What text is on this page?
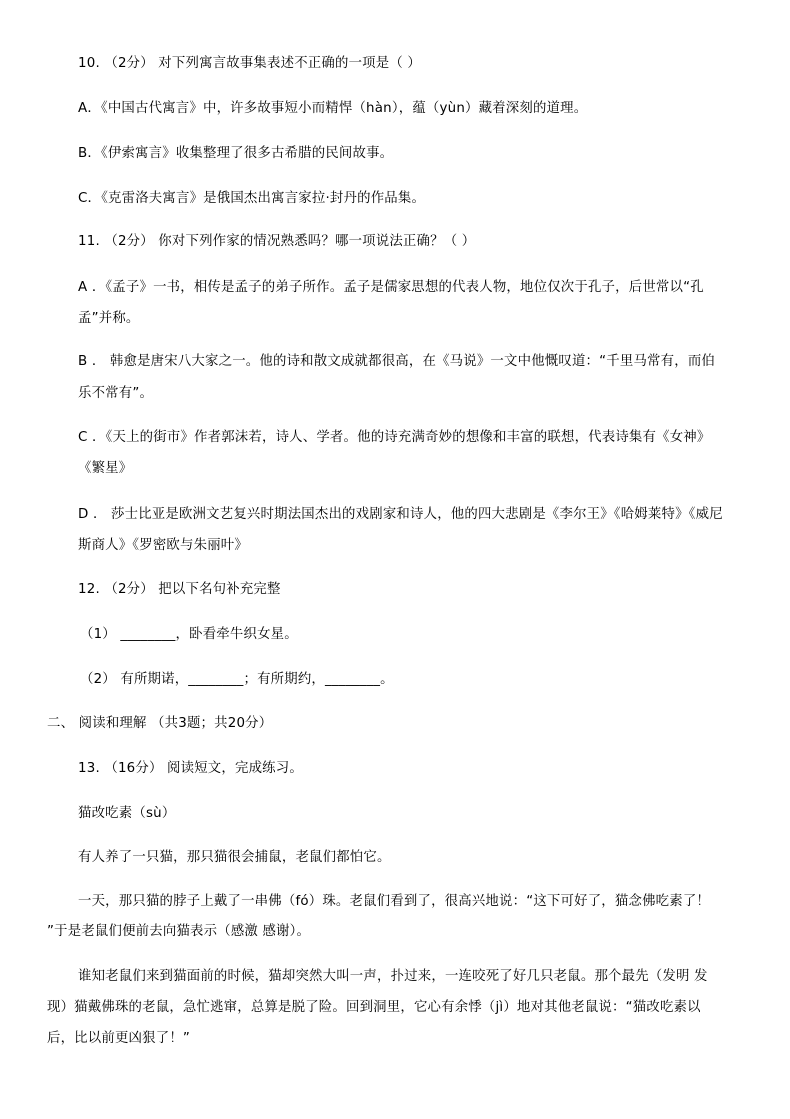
10. （2分） 对下列寓言故事集表述不正确的一项是（ ）
A．《中国古代寓言》中，许多故事短小而精悍（hàn），蕴（yùn）藏着深刻的道理。
B．《伊索寓言》收集整理了很多古希腊的民间故事。
C．《克雷洛夫寓言》是俄国杰出寓言家拉·封丹的作品集。
11. （2分） 你对下列作家的情况熟悉吗？哪一项说法正确？（ ）
A ．《孟子》一书，相传是孟子的弟子所作。孟子是儒家思想的代表人物，地位仅次于孔子，后世常以“孔
孟”并称。
B ． 韩愈是唐宋八大家之一。他的诗和散文成就都很高，在《马说》一文中他慨叹道：“千里马常有，而伯
乐不常有”。
C ．《天上的街市》作者郭沫若，诗人、学者。他的诗充满奇妙的想像和丰富的联想，代表诗集有《女神》
《繁星》
D ． 莎士比亚是欧洲文艺复兴时期法国杰出的戏剧家和诗人，他的四大悲剧是《李尔王》《哈姆莱特》《威尼
斯商人》《罗密欧与朱丽叶》
12. （2分） 把以下名句补充完整
（1） ________，卧看牵牛织女星。
（2） 有所期诺，________；有所期约，________。
二、 阅读和理解 （共3题；共20分）
13. （16分） 阅读短文，完成练习。
猫改吃素（sù）
有人养了一只猫，那只猫很会捕鼠，老鼠们都怕它。
一天，那只猫的脖子上戴了一串佛（fó）珠。老鼠们看到了，很高兴地说：“这下可好了，猫念佛吃素了！
”于是老鼠们便前去向猫表示（感激 感谢）。
谁知老鼠们来到猫面前的时候，猫却突然大叫一声，扑过来，一连咬死了好几只老鼠。那个最先（发明 发
现）猫戴佛珠的老鼠，急忙逃窜，总算是脱了险。回到洞里，它心有余悸（jì）地对其他老鼠说：“猫改吃素以
后，比以前更凶狠了！”
